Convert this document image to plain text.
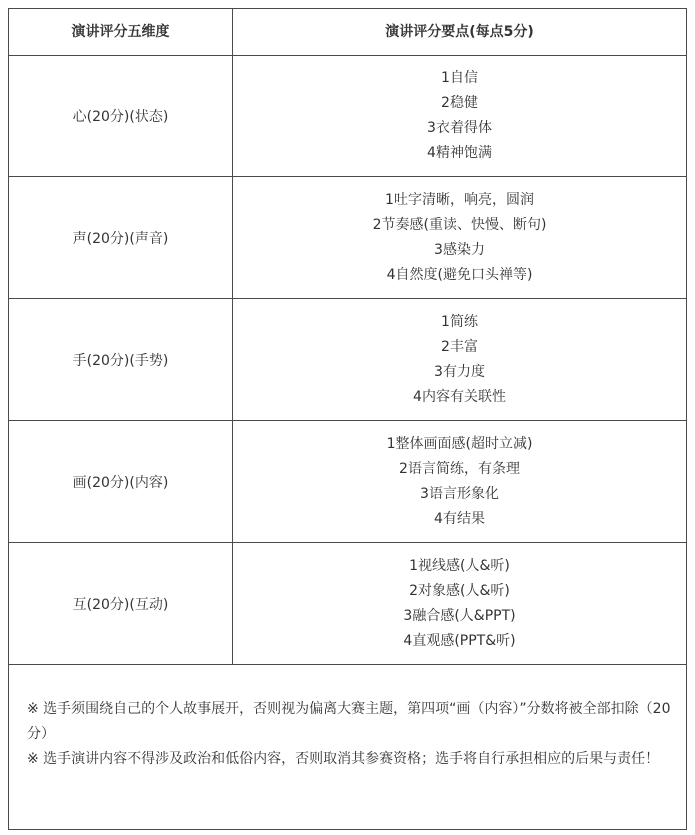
演讲评分五维度	演讲评分要点(每点5分)
心(20分)(状态)
1自信
2稳健
3衣着得体
4精神饱满
声(20分)(声音)
1吐字清晰，响亮，圆润
2节奏感(重读、快慢、断句)
3感染力
4自然度(避免口头禅等)
手(20分)(手势)
1简练
2丰富
3有力度
4内容有关联性
画(20分)(内容)
1整体画面感(超时立减)
2语言简练，有条理
3语言形象化
4有结果
互(20分)(互动)
1视线感(人&听)
2对象感(人&听)
3融合感(人&PPT)
4直观感(PPT&听)
※ 选手须围绕自己的个人故事展开，否则视为偏离大赛主题，第四项“画（内容）”分数将被全部扣除（20分）
※ 选手演讲内容不得涉及政治和低俗内容，否则取消其参赛资格；选手将自行承担相应的后果与责任！
